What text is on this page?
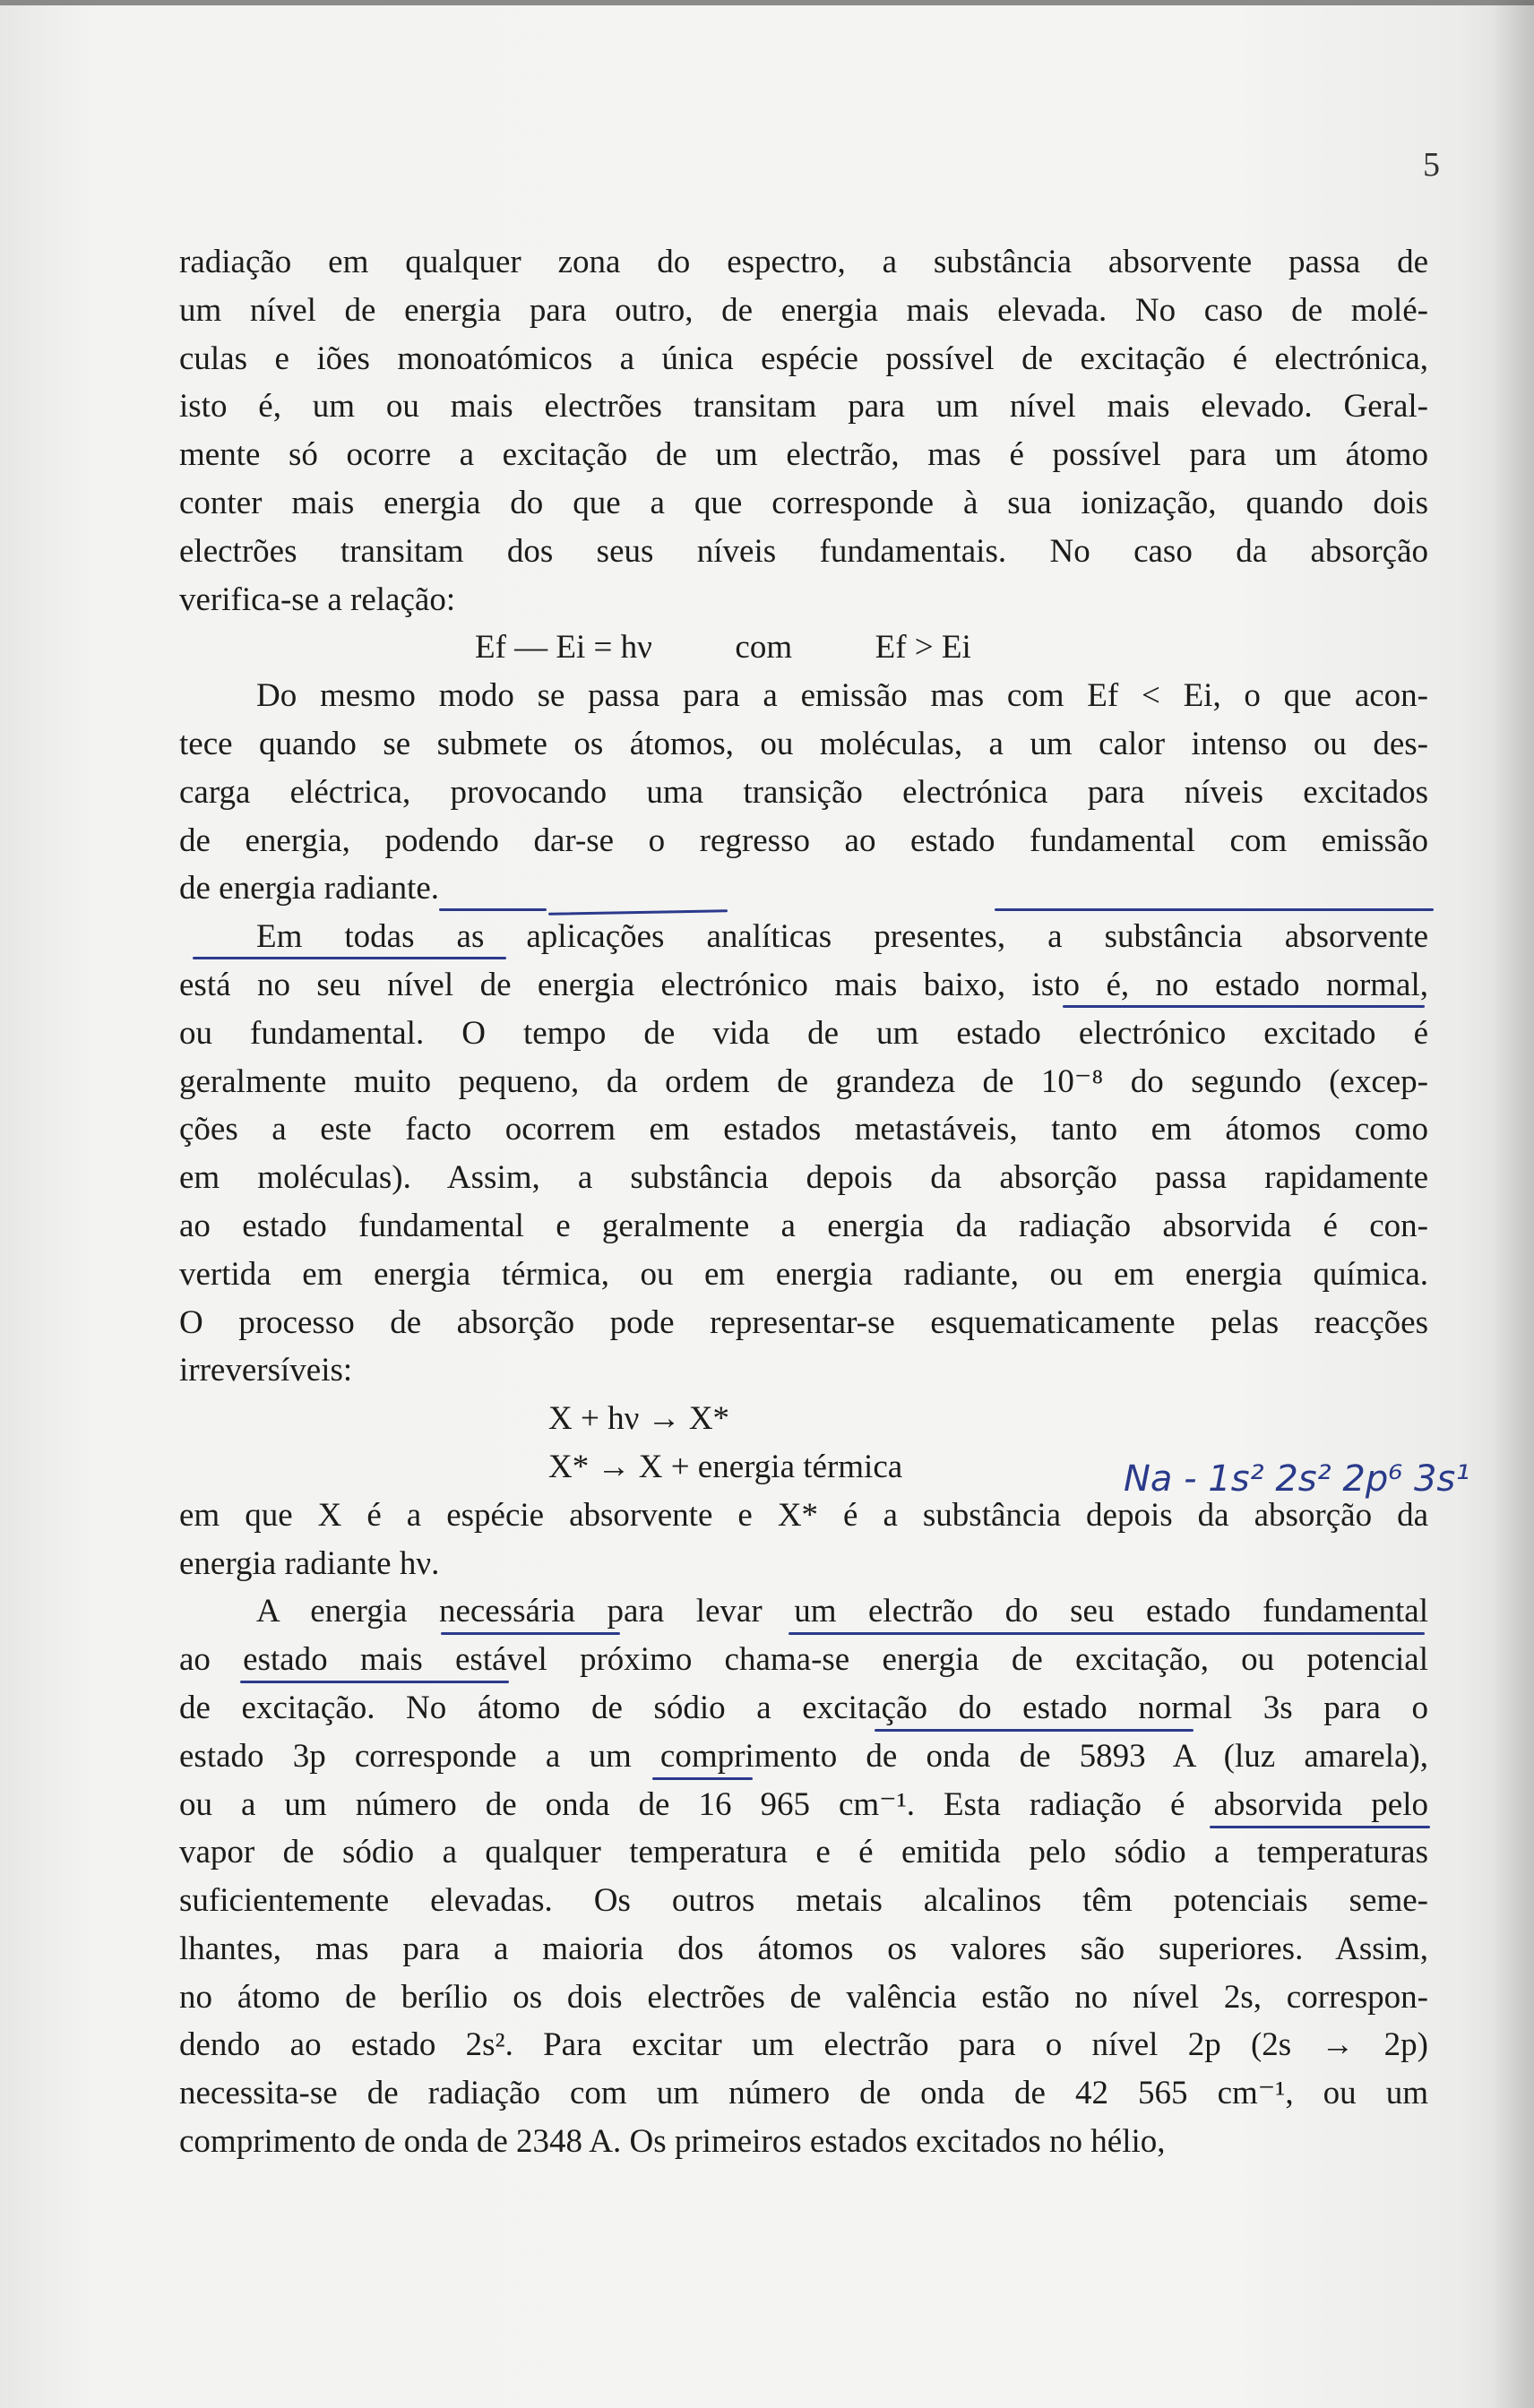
5
radiação em qualquer zona do espectro, a substância absorvente passa de
um nível de energia para outro, de energia mais elevada. No caso de molé-
culas e iões monoatómicos a única espécie possível de excitação é electrónica,
isto é, um ou mais electrões transitam para um nível mais elevado. Geral-
mente só ocorre a excitação de um electrão, mas é possível para um átomo
conter mais energia do que a que corresponde à sua ionização, quando dois
electrões transitam dos seus níveis fundamentais. No caso da absorção
verifica-se a relação:
Ef — Ei = hν          com          Ef > Ei
Do mesmo modo se passa para a emissão mas com Ef < Ei, o que acon-
tece quando se submete os átomos, ou moléculas, a um calor intenso ou des-
carga eléctrica, provocando uma transição electrónica para níveis excitados
de energia, podendo dar-se o regresso ao estado fundamental com emissão
de energia radiante.
Em todas as aplicações analíticas presentes, a substância absorvente
está no seu nível de energia electrónico mais baixo, isto é, no estado normal,
ou fundamental. O tempo de vida de um estado electrónico excitado é
geralmente muito pequeno, da ordem de grandeza de 10⁻⁸ do segundo (excep-
ções a este facto ocorrem em estados metastáveis, tanto em átomos como
em moléculas). Assim, a substância depois da absorção passa rapidamente
ao estado fundamental e geralmente a energia da radiação absorvida é con-
vertida em energia térmica, ou em energia radiante, ou em energia química.
O processo de absorção pode representar-se esquematicamente pelas reacções
irreversíveis:
X + hν → X*
X* → X + energia térmica
em que X é a espécie absorvente e X* é a substância depois da absorção da
energia radiante hν.
A energia necessária para levar um electrão do seu estado fundamental
ao estado mais estável próximo chama-se energia de excitação, ou potencial
de excitação. No átomo de sódio a excitação do estado normal 3s para o
estado 3p corresponde a um comprimento de onda de 5893 A (luz amarela),
ou a um número de onda de 16 965 cm⁻¹. Esta radiação é absorvida pelo
vapor de sódio a qualquer temperatura e é emitida pelo sódio a temperaturas
suficientemente elevadas. Os outros metais alcalinos têm potenciais seme-
lhantes, mas para a maioria dos átomos os valores são superiores. Assim,
no átomo de berílio os dois electrões de valência estão no nível 2s, correspon-
dendo ao estado 2s². Para excitar um electrão para o nível 2p (2s → 2p)
necessita-se de radiação com um número de onda de 42 565 cm⁻¹, ou um
comprimento de onda de 2348 A. Os primeiros estados excitados no hélio,
Na - 1s² 2s² 2p⁶ 3s¹
